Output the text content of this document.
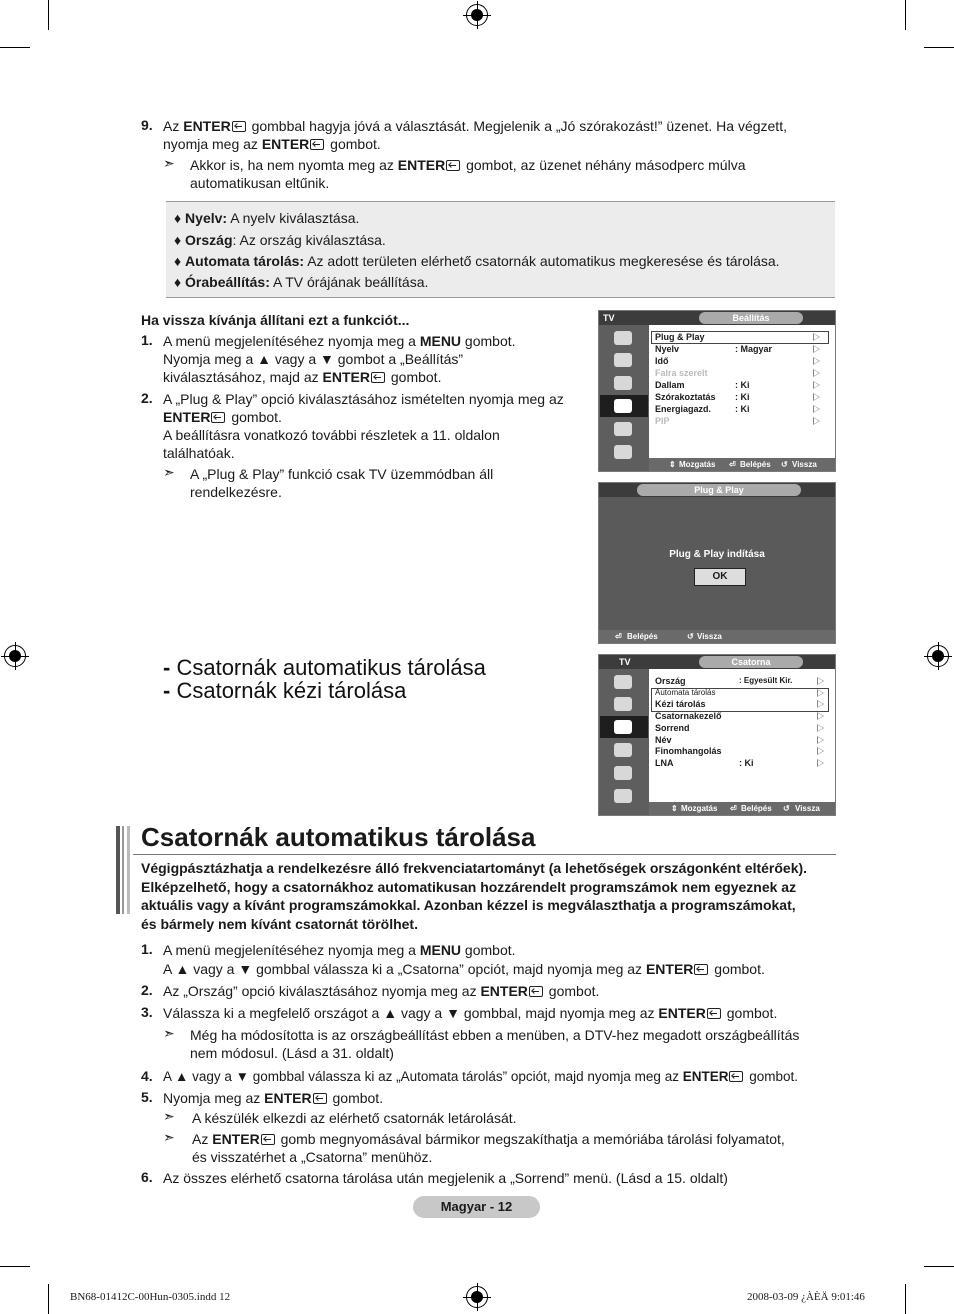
9. Az ENTER gombbal hagyja jóvá a választását. Megjelenik a „Jó szórakozást!” üzenet. Ha végzett,
nyomja meg az ENTER gombot.
➣ Akkor is, ha nem nyomta meg az ENTER gombot, az üzenet néhány másodperc múlva
automatikusan eltűnik.
♦ Nyelv: A nyelv kiválasztása.
♦ Ország: Az ország kiválasztása.
♦ Automata tárolás: Az adott területen elérhető csatornák automatikus megkeresése és tárolása.
♦ Órabeállítás: A TV órájának beállítása.
Ha vissza kívánja állítani ezt a funkciót...
1. A menü megjelenítéséhez nyomja meg a MENU gombot.
Nyomja meg a ▲ vagy a ▼ gombot a „Beállítás”
kiválasztásához, majd az ENTER gombot.
2. A „Plug & Play” opció kiválasztásához ismételten nyomja meg az
ENTER gombot.
A beállításra vonatkozó további részletek a 11. oldalon
találhatóak.
➣ A „Plug & Play” funkció csak TV üzemmódban áll
rendelkezésre.
TV	Beállítás
Plug & Play
Nyelv	: Magyar
Idő
Falra szerelt
Dallam	: Ki
Szórakoztatás : Ki
Energiagazd.	: Ki
PIP
⇕ Mozgatás ⏎ Belépés ↺ Vissza
Plug & Play
Plug & Play indítása
OK
⏎ Belépés	↺ Vissza
- Csatornák automatikus tárolása
- Csatornák kézi tárolása
TV	Csatorna
Ország	: Egyesült Kir.
Automata tárolás
Kézi tárolás
Csatornakezelő
Sorrend
Név
Finomhangolás
LNA	: Ki
⇕ Mozgatás ⏎ Belépés ↺ Vissza
Csatornák automatikus tárolása
Végigpásztázhatja a rendelkezésre álló frekvenciatartományt (a lehetőségek országonként eltérőek).
Elképzelhető, hogy a csatornákhoz automatikusan hozzárendelt programszámok nem egyeznek az
aktuális vagy a kívánt programszámokkal. Azonban kézzel is megválaszthatja a programszámokat,
és bármely nem kívánt csatornát törölhet.
1. A menü megjelenítéséhez nyomja meg a MENU gombot.
A ▲ vagy a ▼ gombbal válassza ki a „Csatorna” opciót, majd nyomja meg az ENTER gombot.
2. Az „Ország” opció kiválasztásához nyomja meg az ENTER gombot.
3. Válassza ki a megfelelő országot a ▲ vagy a ▼ gombbal, majd nyomja meg az ENTER gombot.
➣ Még ha módosította is az országbeállítást ebben a menüben, a DTV-hez megadott országbeállítás
nem módosul. (Lásd a 31. oldalt)
4. A ▲ vagy a ▼ gombbal válassza ki az „Automata tárolás” opciót, majd nyomja meg az ENTER gombot.
5. Nyomja meg az ENTER gombot.
➣ A készülék elkezdi az elérhető csatornák letárolását.
➣ Az ENTER gomb megnyomásával bármikor megszakíthatja a memóriába tárolási folyamatot,
és visszatérhet a „Csatorna” menühöz.
6. Az összes elérhető csatorna tárolása után megjelenik a „Sorrend” menü. (Lásd a 15. oldalt)
Magyar - 12
BN68-01412C-00Hun-0305.indd 12	2008-03-09 ¿ÀÈÄ 9:01:46
